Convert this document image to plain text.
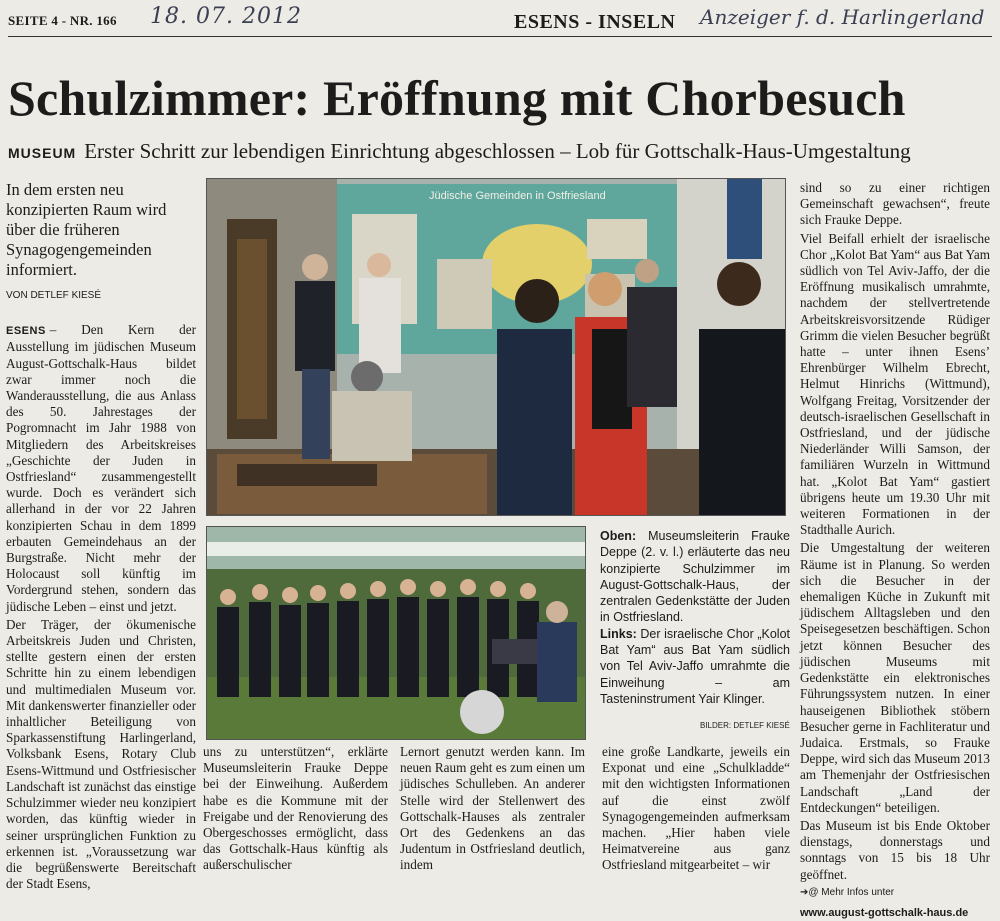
SEITE 4 - NR. 166 18. 07. 2012	ESENS - INSELN Anzeiger f. d. Harlingerland
Schulzimmer: Eröffnung mit Chorbesuch
MUSEUM Erster Schritt zur lebendigen Einrichtung abgeschlossen – Lob für Gottschalk-Haus-Umgestaltung
In dem ersten neu konzipierten Raum wird über die früheren Synagogengemeinden informiert.
VON DETLEF KIESÉ

ESENS – Den Kern der Ausstellung im jüdischen Museum August-Gottschalk-Haus bildet zwar immer noch die Wanderausstellung, die aus Anlass des 50. Jahrestages der Pogromnacht im Jahr 1988 von Mitgliedern des Arbeitskreises „Geschichte der Juden in Ostfriesland“ zusammengestellt wurde. Doch es verändert sich allerhand in der vor 22 Jahren konzipierten Schau in dem 1899 erbauten Gemeindehaus an der Burgstraße. Nicht mehr der Holocaust soll künftig im Vordergrund stehen, sondern das jüdische Leben – einst und jetzt.

Der Träger, der ökumenische Arbeitskreis Juden und Christen, stellte gestern einen der ersten Schritte hin zu einem lebendigen und multimedialen Museum vor. Mit dankenswerter finanzieller oder inhaltlicher Beteiligung von Sparkassenstiftung Harlingerland, Volksbank Esens, Rotary Club Esens-Wittmund und Ostfriesischer Landschaft ist zunächst das einstige Schulzimmer wieder neu konzipiert worden, das künftig wieder in seiner ursprünglichen Funktion zu erkennen ist. „Voraussetzung war die begrüßenswerte Bereitschaft der Stadt Esens,

Jüdische Gemeinden in Ostfriesland
Oben: Museumsleiterin Frauke Deppe (2. v. l.) erläuterte das neu konzipierte Schulzimmer im August-Gottschalk-Haus, der zentralen Gedenkstätte der Juden in Ostfriesland.
Links: Der israelische Chor „Kolot Bat Yam“ aus Bat Yam südlich von Tel Aviv-Jaffo umrahmte die Einweihung – am Tasteninstrument Yair Klinger.
BILDER: DETLEF KIESÉ

uns zu unterstützen“, erklärte Museumsleiterin Frauke Deppe bei der Einweihung. Außerdem habe es die Kommune mit der Freigabe und der Renovierung des Obergeschosses ermöglicht, dass das Gottschalk-Haus künftig als außerschulischer

Lernort genutzt werden kann. Im neuen Raum geht es zum einen um jüdisches Schulleben. An anderer Stelle wird der Stellenwert des Gottschalk-Hauses als zentraler Ort des Gedenkens an das Judentum in Ostfriesland deutlich, indem

eine große Landkarte, jeweils ein Exponat und eine „Schulkladde“ mit den wichtigsten Informationen auf die einst zwölf Synagogengemeinden aufmerksam machen. „Hier haben viele Heimatvereine aus ganz Ostfriesland mitgearbeitet – wir

sind so zu einer richtigen Gemeinschaft gewachsen“, freute sich Frauke Deppe.

Viel Beifall erhielt der israelische Chor „Kolot Bat Yam“ aus Bat Yam südlich von Tel Aviv-Jaffo, der die Eröffnung musikalisch umrahmte, nachdem der stellvertretende Arbeitskreisvorsitzende Rüdiger Grimm die vielen Besucher begrüßt hatte – unter ihnen Esens’ Ehrenbürger Wilhelm Ebrecht, Helmut Hinrichs (Wittmund), Wolfgang Freitag, Vorsitzender der deutsch-israelischen Gesellschaft in Ostfriesland, und der jüdische Niederländer Willi Samson, der familiären Wurzeln in Wittmund hat. „Kolot Bat Yam“ gastiert übrigens heute um 19.30 Uhr mit weiteren Formationen in der Stadthalle Aurich.

Die Umgestaltung der weiteren Räume ist in Planung. So werden sich die Besucher in der ehemaligen Küche in Zukunft mit jüdischem Alltagsleben und den Speisegesetzen beschäftigen. Schon jetzt können Besucher des jüdischen Museums mit Gedenkstätte ein elektronisches Führungssystem nutzen. In einer hauseigenen Bibliothek stöbern Besucher gerne in Fachliteratur und Judaica. Erstmals, so Frauke Deppe, wird sich das Museum 2013 am Themenjahr der Ostfriesischen Landschaft „Land der Entdeckungen“ beteiligen.

Das Museum ist bis Ende Oktober dienstags, donnerstags und sonntags von 15 bis 18 Uhr geöffnet.

➔@ Mehr Infos unter
www.august-gottschalk-haus.de
